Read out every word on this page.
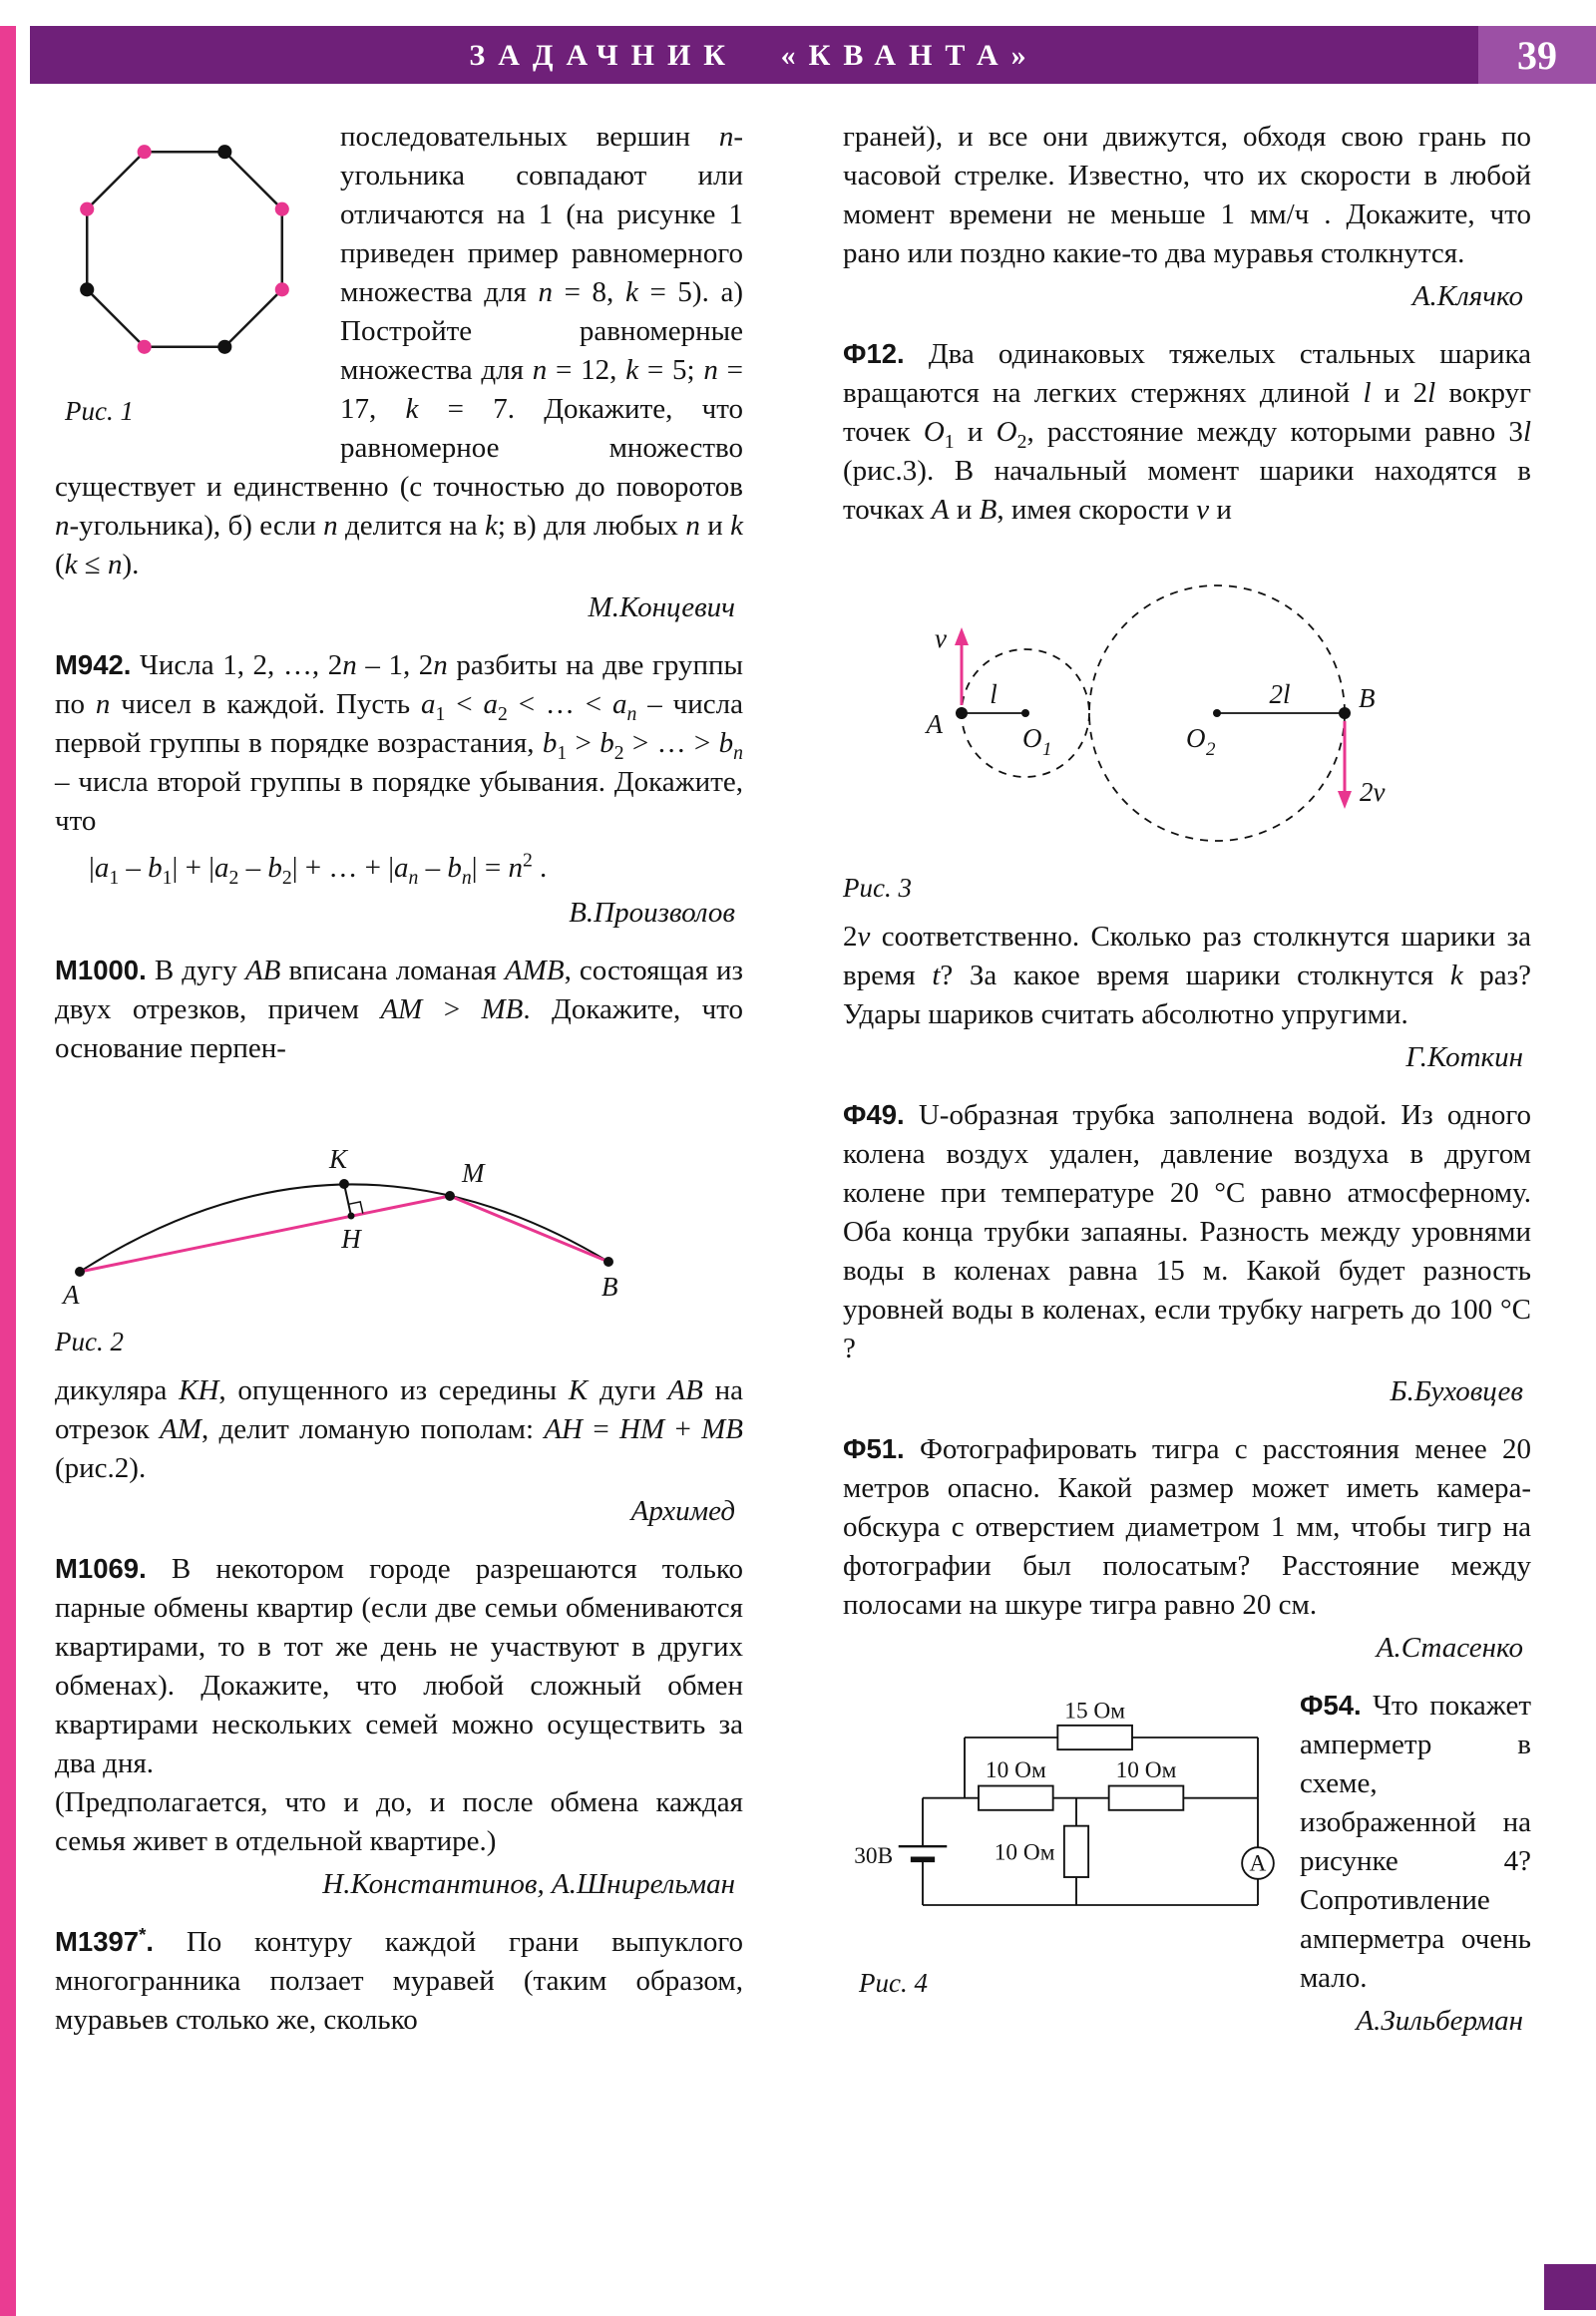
ЗАДАЧНИК «КВАНТА»	39
Рис. 1

последовательных вершин n-угольника совпадают или отличаются на 1 (на рисунке 1 приведен пример равномерного множества для n = 8, k = 5). а) Постройте равномерные множества для n = 12, k = 5; n = 17, k = 7. Докажите, что равномерное множество существует и единственно (с точностью до поворотов n-угольника), б) если n делится на k; в) для любых n и k (k ≤ n).

М.Концевич

М942. Числа 1, 2, …, 2n – 1, 2n разбиты на две группы по n чисел в каждой. Пусть $a_1 < a_2$ < … < $a_n$ – числа первой группы в порядке возрастания, $b_1 > b_2$ > … > $b_n$ – числа второй группы в порядке убывания. Докажите, что

$|a_1 - b_1| + |a_2 - b_2|$ + … + $|a_n - b_n| = n^2$ .

В.Произволов

М1000. В дугу AB вписана ломаная AMB, состоящая из двух отрезков, причем AM > MB. Докажите, что основание перпен-

K	M
H
A	B
Рис. 2

дикуляра KH, опущенного из середины K дуги AB на отрезок AM, делит ломаную пополам: AH = HM + MB (рис.2).

Архимед

М1069. В некотором городе разрешаются только парные обмены квартир (если две семьи обмениваются квартирами, то в тот же день не участвуют в других обменах). Докажите, что любой сложный обмен квартирами нескольких семей можно осуществить за два дня.

(Предполагается, что и до, и после обмена каждая семья живет в отдельной квартире.)

Н.Константинов, А.Шнирельман

М1397*. По контуру каждой грани выпуклого многогранника ползает муравей (таким образом, муравьев столько же, сколько

граней), и все они движутся, обходя свою грань по часовой стрелке. Известно, что их скорости в любой момент времени не меньше 1 мм/ч . Докажите, что рано или поздно какие-то два муравья столкнутся.

А.Клячко

Ф12. Два одинаковых тяжелых стальных шарика вращаются на легких стержнях длиной l и 2l вокруг точек $O_1$ и $O_2$, расстояние между которыми равно 3l (рис.3). В начальный момент шарики находятся в точках A и B, имея скорости v и

v
l
A	O 1	O 2
2l	B
2v
Рис. 3

2v соответственно. Сколько раз столкнутся шарики за время t? За какое время шарики столкнутся k раз? Удары шариков считать абсолютно упругими.

Г.Коткин

Ф49. U-образная трубка заполнена водой. Из одного колена воздух удален, давление воздуха в другом колене при температуре 20 °С равно атмосферному. Оба конца трубки запаяны. Разность между уровнями воды в коленах равна 15 м. Какой будет разность уровней воды в коленах, если трубку нагреть до 100 °С ?

Б.Буховцев

Ф51. Фотографировать тигра с расстояния менее 20 метров опасно. Какой размер может иметь камера-обскура с отверстием диаметром 1 мм, чтобы тигр на фотографии был полосатым? Расстояние между полосами на шкуре тигра равно 20 см.

А.Стасенко

15 Ом
10 Ом	10 Ом
10 Ом
30В	A
Рис. 4

Ф54. Что покажет амперметр в схеме, изображенной на рисунке 4? Сопротивление амперметра очень мало.

А.Зильберман
